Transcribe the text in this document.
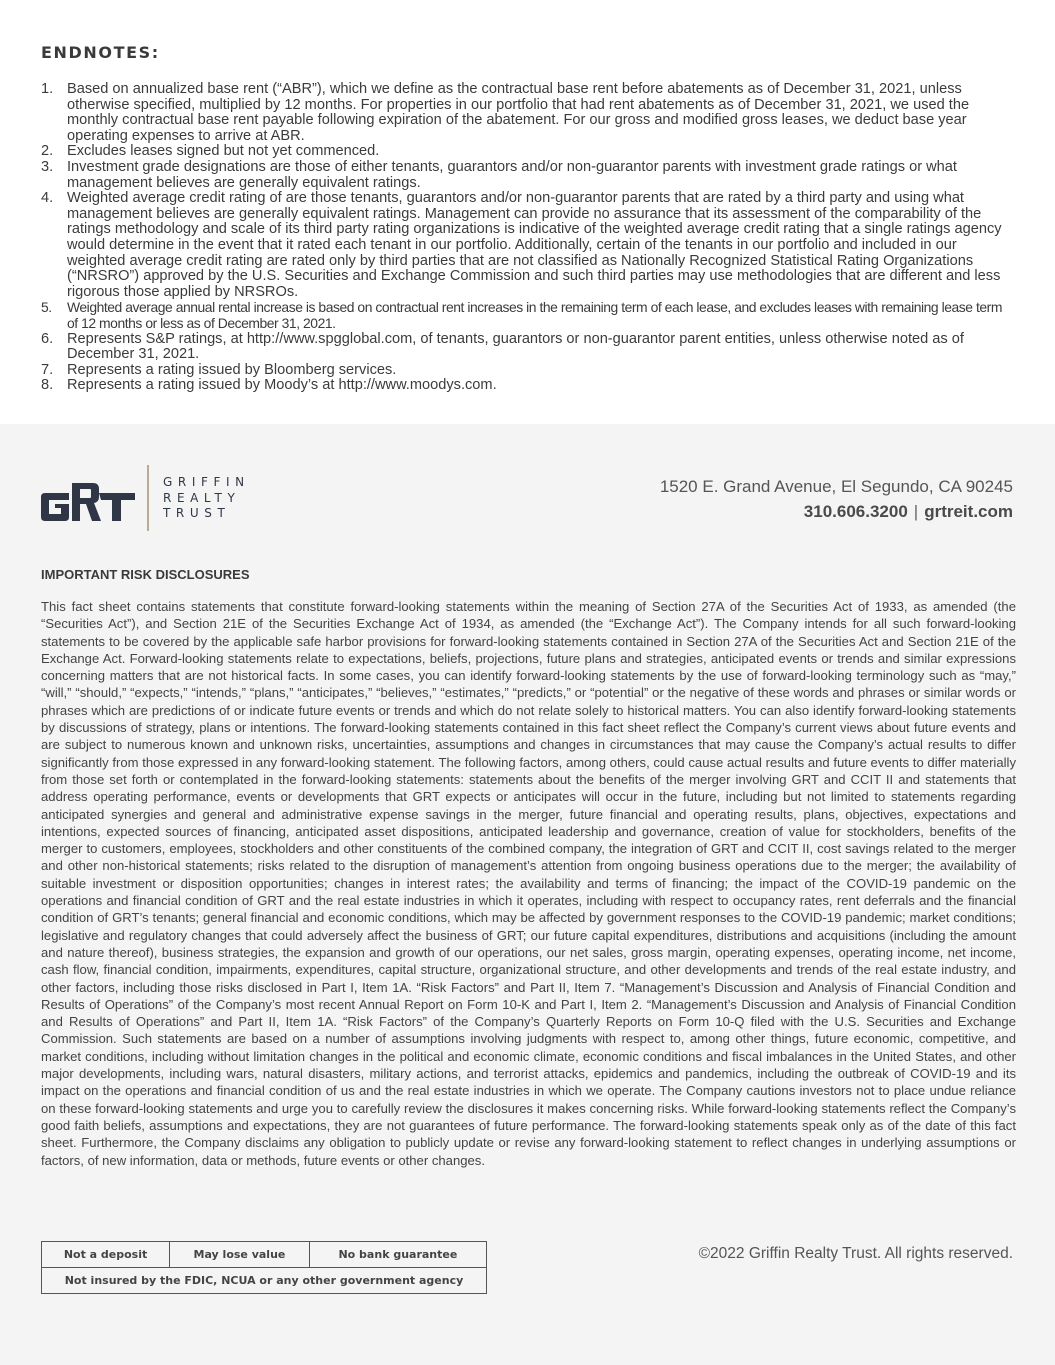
ENDNOTES:
1. Based on annualized base rent (“ABR”), which we define as the contractual base rent before abatements as of December 31, 2021, unless otherwise specified, multiplied by 12 months. For properties in our portfolio that had rent abatements as of December 31, 2021, we used the monthly contractual base rent payable following expiration of the abatement. For our gross and modified gross leases, we deduct base year operating expenses to arrive at ABR.
2. Excludes leases signed but not yet commenced.
3. Investment grade designations are those of either tenants, guarantors and/or non-guarantor parents with investment grade ratings or what management believes are generally equivalent ratings.
4. Weighted average credit rating of are those tenants, guarantors and/or non-guarantor parents that are rated by a third party and using what management believes are generally equivalent ratings. Management can provide no assurance that its assessment of the comparability of the ratings methodology and scale of its third party rating organizations is indicative of the weighted average credit rating that a single ratings agency would determine in the event that it rated each tenant in our portfolio. Additionally, certain of the tenants in our portfolio and included in our weighted average credit rating are rated only by third parties that are not classified as Nationally Recognized Statistical Rating Organizations (“NRSRO”) approved by the U.S. Securities and Exchange Commission and such third parties may use methodologies that are different and less rigorous those applied by NRSROs.
5. Weighted average annual rental increase is based on contractual rent increases in the remaining term of each lease, and excludes leases with remaining lease term of 12 months or less as of December 31, 2021.
6. Represents S&P ratings, at http://www.spgglobal.com, of tenants, guarantors or non-guarantor parent entities, unless otherwise noted as of December 31, 2021.
7. Represents a rating issued by Bloomberg services.
8. Represents a rating issued by Moody’s at http://www.moodys.com.
GRIFFIN
REALTY
TRUST
1520 E. Grand Avenue, El Segundo, CA 90245
310.606.3200 | grtreit.com
IMPORTANT RISK DISCLOSURES

This fact sheet contains statements that constitute forward-looking statements within the meaning of Section 27A of the Securities Act of 1933, as amended (the “Securities Act”), and Section 21E of the Securities Exchange Act of 1934, as amended (the “Exchange Act”). The Company intends for all such forward-looking statements to be covered by the applicable safe harbor provisions for forward-looking statements contained in Section 27A of the Securities Act and Section 21E of the Exchange Act. Forward-looking statements relate to expectations, beliefs, projections, future plans and strategies, anticipated events or trends and similar expressions concerning matters that are not historical facts. In some cases, you can identify forward-looking statements by the use of forward-looking terminology such as “may,” “will,” “should,” “expects,” “intends,” “plans,” “anticipates,” “believes,” “estimates,” “predicts,” or “potential” or the negative of these words and phrases or similar words or phrases which are predictions of or indicate future events or trends and which do not relate solely to historical matters. You can also identify forward-looking statements by discussions of strategy, plans or intentions. The forward-looking statements contained in this fact sheet reflect the Company’s current views about future events and are subject to numerous known and unknown risks, uncertainties, assumptions and changes in circumstances that may cause the Company’s actual results to differ significantly from those expressed in any forward-looking statement. The following factors, among others, could cause actual results and future events to differ materially from those set forth or contemplated in the forward-looking statements: statements about the benefits of the merger involving GRT and CCIT II and statements that address operating performance, events or developments that GRT expects or anticipates will occur in the future, including but not limited to statements regarding anticipated synergies and general and administrative expense savings in the merger, future financial and operating results, plans, objectives, expectations and intentions, expected sources of financing, anticipated asset dispositions, anticipated leadership and governance, creation of value for stockholders, benefits of the merger to customers, employees, stockholders and other constituents of the combined company, the integration of GRT and CCIT II, cost savings related to the merger and other non-historical statements; risks related to the disruption of management’s attention from ongoing business operations due to the merger; the availability of suitable investment or disposition opportunities; changes in interest rates; the availability and terms of financing; the impact of the COVID-19 pandemic on the operations and financial condition of GRT and the real estate industries in which it operates, including with respect to occupancy rates, rent deferrals and the financial condition of GRT’s tenants; general financial and economic conditions, which may be affected by government responses to the COVID-19 pandemic; market conditions; legislative and regulatory changes that could adversely affect the business of GRT; our future capital expenditures, distributions and acquisitions (including the amount and nature thereof), business strategies, the expansion and growth of our operations, our net sales, gross margin, operating expenses, operating income, net income, cash flow, financial condition, impairments, expenditures, capital structure, organizational structure, and other developments and trends of the real estate industry, and other factors, including those risks disclosed in Part I, Item 1A. “Risk Factors” and Part II, Item 7. “Management’s Discussion and Analysis of Financial Condition and Results of Operations” of the Company’s most recent Annual Report on Form 10-K and Part I, Item 2. “Management’s Discussion and Analysis of Financial Condition and Results of Operations” and Part II, Item 1A. “Risk Factors” of the Company’s Quarterly Reports on Form 10-Q filed with the U.S. Securities and Exchange Commission. Such statements are based on a number of assumptions involving judgments with respect to, among other things, future economic, competitive, and market conditions, including without limitation changes in the political and economic climate, economic conditions and fiscal imbalances in the United States, and other major developments, including wars, natural disasters, military actions, and terrorist attacks, epidemics and pandemics, including the outbreak of COVID-19 and its impact on the operations and financial condition of us and the real estate industries in which we operate. The Company cautions investors not to place undue reliance on these forward-looking statements and urge you to carefully review the disclosures it makes concerning risks. While forward-looking statements reflect the Company’s good faith beliefs, assumptions and expectations, they are not guarantees of future performance. The forward-looking statements speak only as of the date of this fact sheet. Furthermore, the Company disclaims any obligation to publicly update or revise any forward-looking statement to reflect changes in underlying assumptions or factors, of new information, data or methods, future events or other changes.

Not a deposit	May lose value	No bank guarantee
Not insured by the FDIC, NCUA or any other government agency
©2022 Griffin Realty Trust. All rights reserved.
